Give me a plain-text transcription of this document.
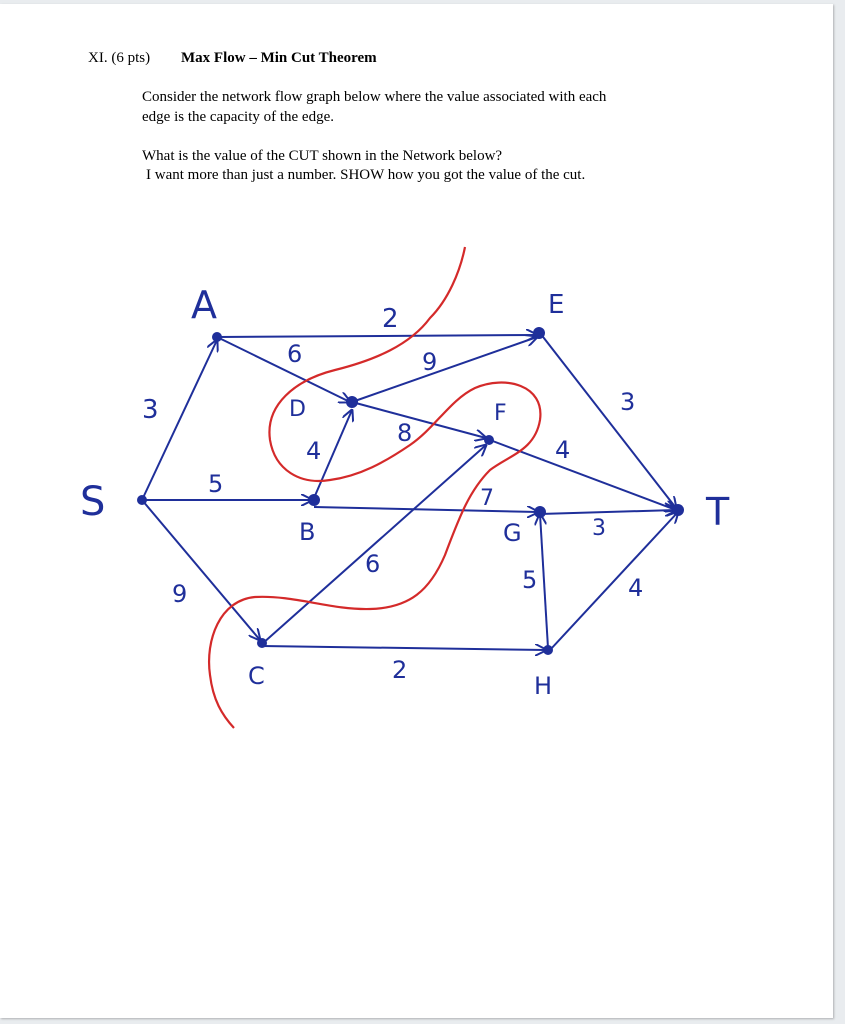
XI. (6 pts) Max Flow – Min Cut Theorem
Consider the network flow graph below where the value associated with each
edge is the capacity of the edge.
What is the value of the CUT shown in the Network below?
I want more than just a number. SHOW how you got the value of the cut.
S
A
B
C
D
E
F
G
H
T
3
5
9
2
6
4
7
6
2
9
8
3
4
3
5	4
